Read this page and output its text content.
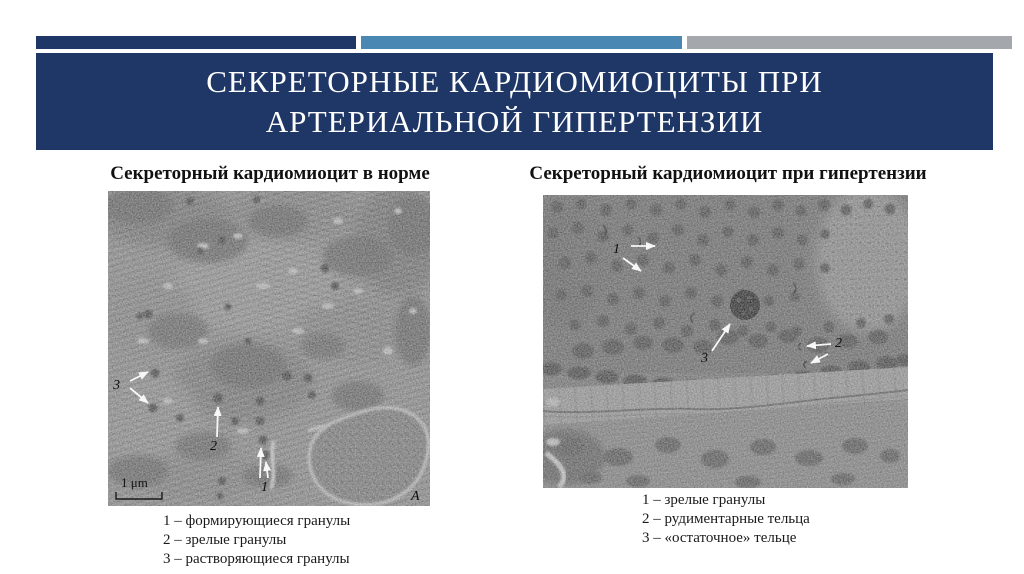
СЕКРЕТОРНЫЕ КАРДИОМИОЦИТЫ ПРИ АРТЕРИАЛЬНОЙ ГИПЕРТЕНЗИИ
Секреторный кардиомиоцит в норме	Секреторный кардиомиоцит при гипертензии
3
2
1
А
1 μm
1
3
2
1 – формирующиеся гранулы
2 – зрелые гранулы
3 – растворяющиеся гранулы
1 – зрелые гранулы
2 – рудиментарные тельца
3 – «остаточное» тельце
